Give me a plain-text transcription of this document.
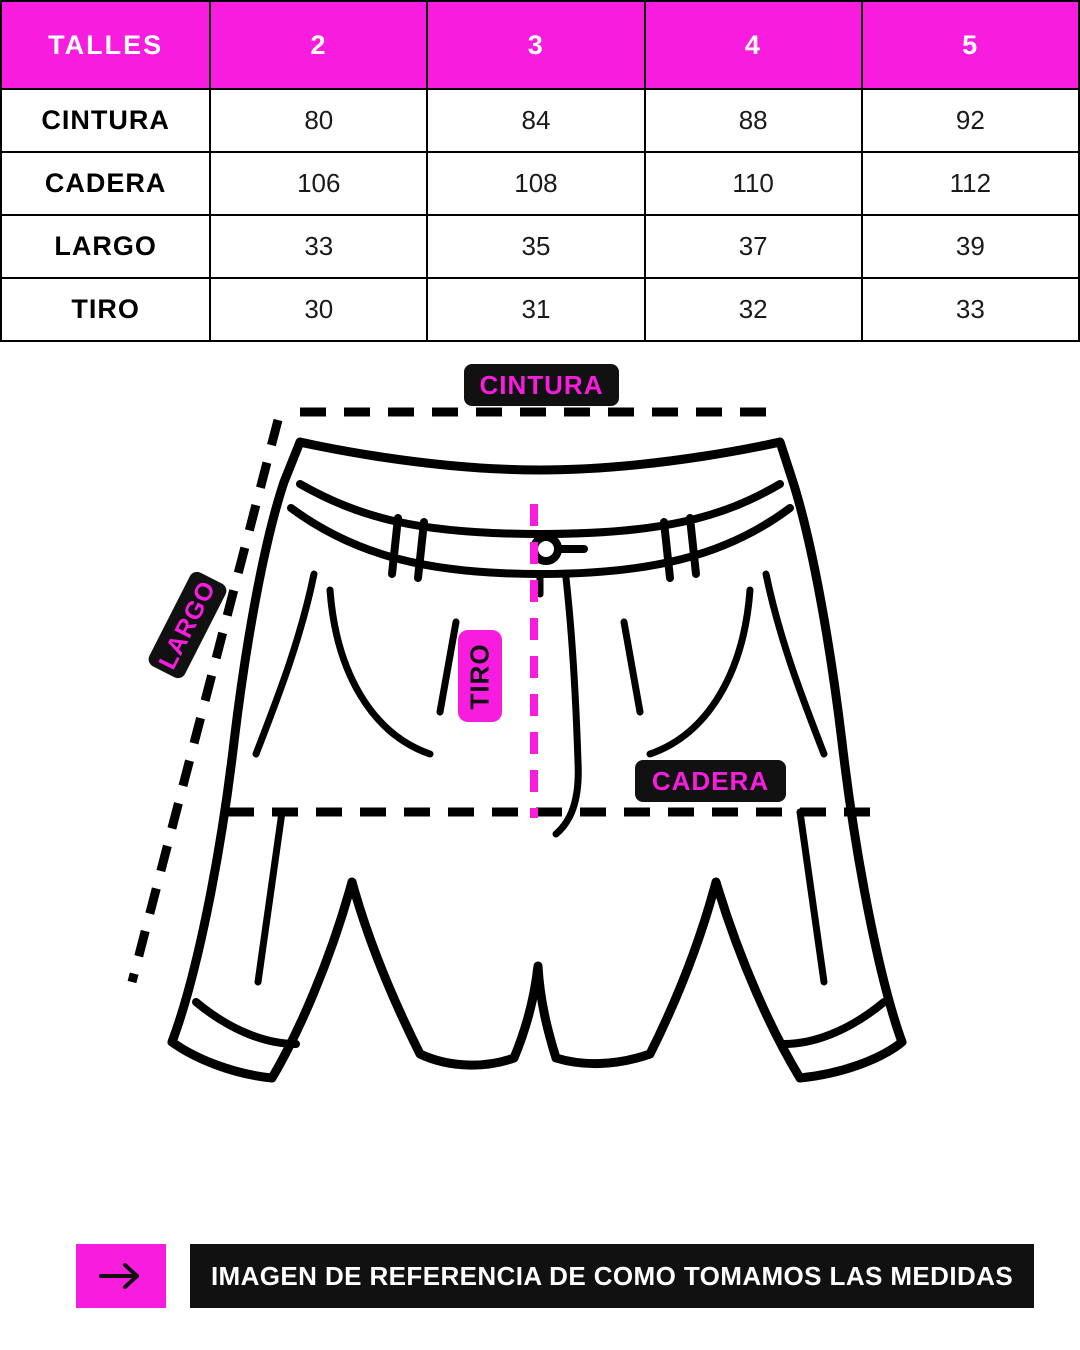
TALLES	2	3	4	5
CINTURA	80	84	88	92
CADERA	106	108	110	112
LARGO	33	35	37	39
TIRO	30	31	32	33
CINTURA
CADERA
LARGO
TIRO
IMAGEN DE REFERENCIA DE COMO TOMAMOS LAS MEDIDAS
